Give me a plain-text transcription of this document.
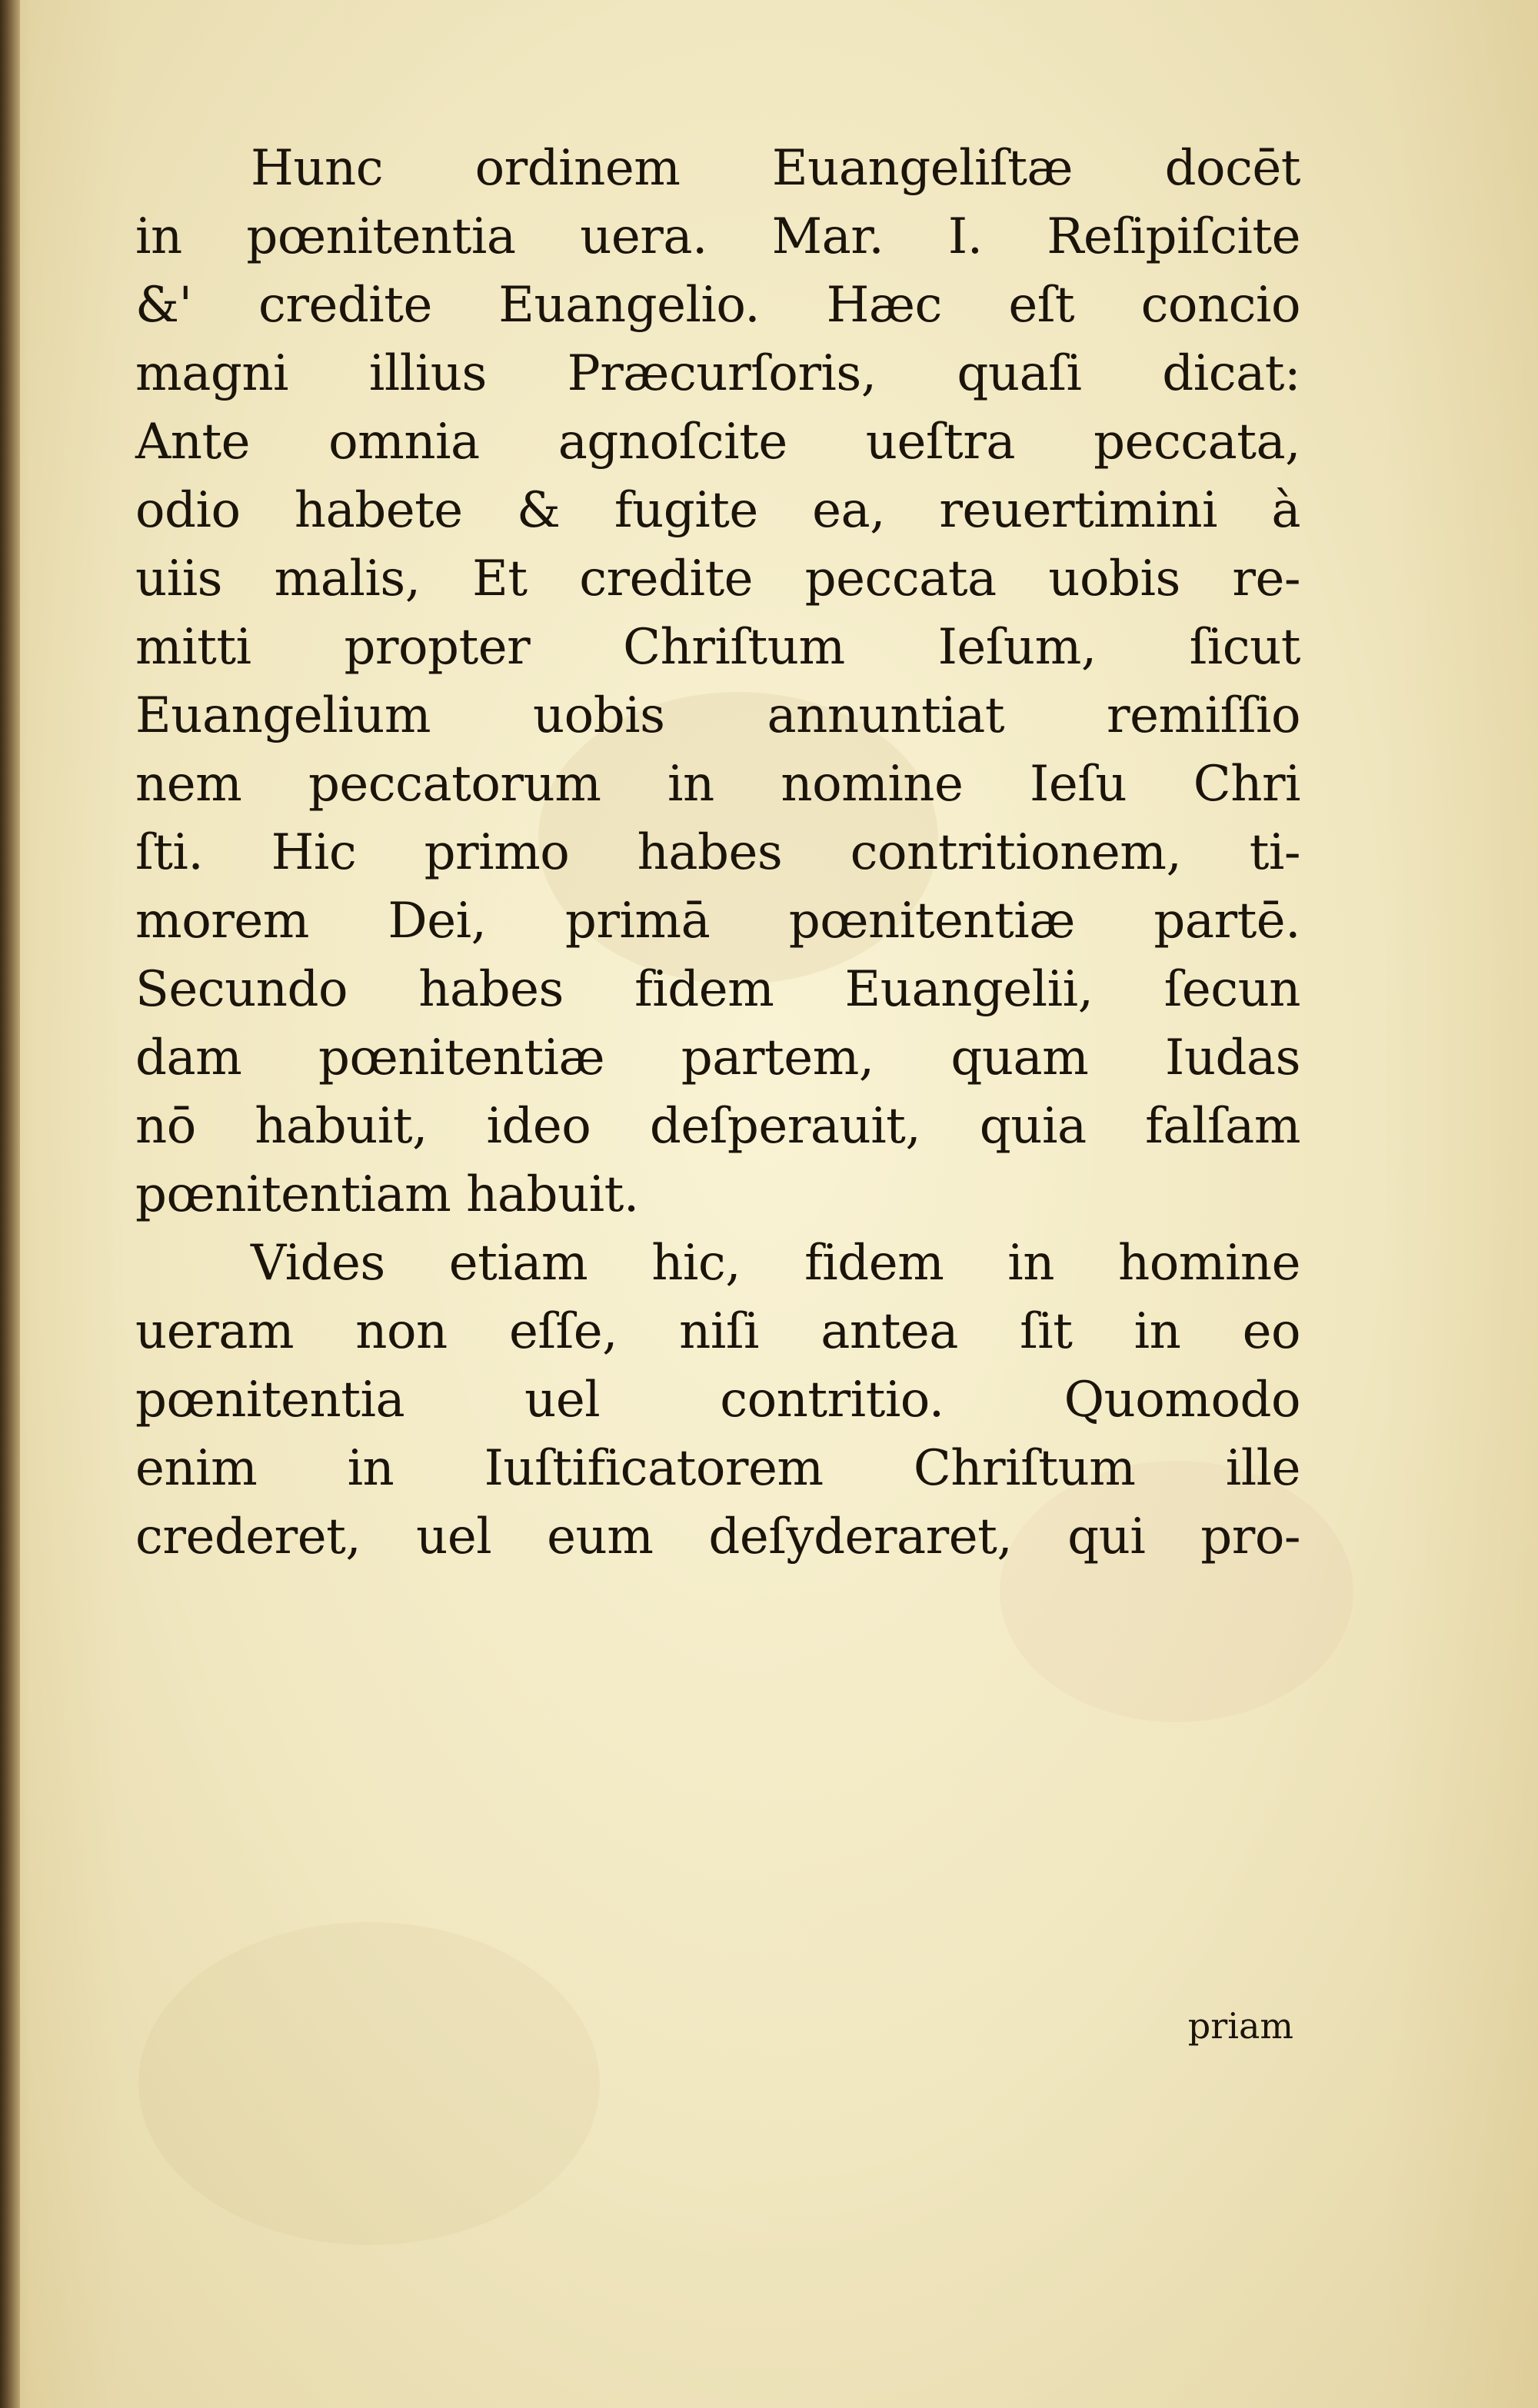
Hunc ordinem Euangeliſtæ docēt
in pœnitentia uera. Mar. I. Reſipiſcite
&' credite Euangelio. Hæc eſt concio
magni illius Præcurſoris, quaſi dicat:
Ante omnia agnoſcite ueſtra peccata,
odio habete & fugite ea, reuertimini à
uiis malis, Et credite peccata uobis re-
mitti propter Chriſtum Ieſum, ſicut
Euangelium uobis annuntiat remiſſio
nem peccatorum in nomine Ieſu Chri
ſti. Hic primo habes contritionem, ti-
morem Dei, primā pœnitentiæ partē.
Secundo habes fidem Euangelii, ſecun
dam pœnitentiæ partem, quam Iudas
nō habuit, ideo deſperauit, quia falſam
pœnitentiam habuit.
Vides etiam hic, fidem in homine
ueram non eſſe, niſi antea ſit in eo
pœnitentia uel contritio. Quomodo
enim in Iuſtificatorem Chriſtum ille
crederet, uel eum deſyderaret, qui pro-
priam
